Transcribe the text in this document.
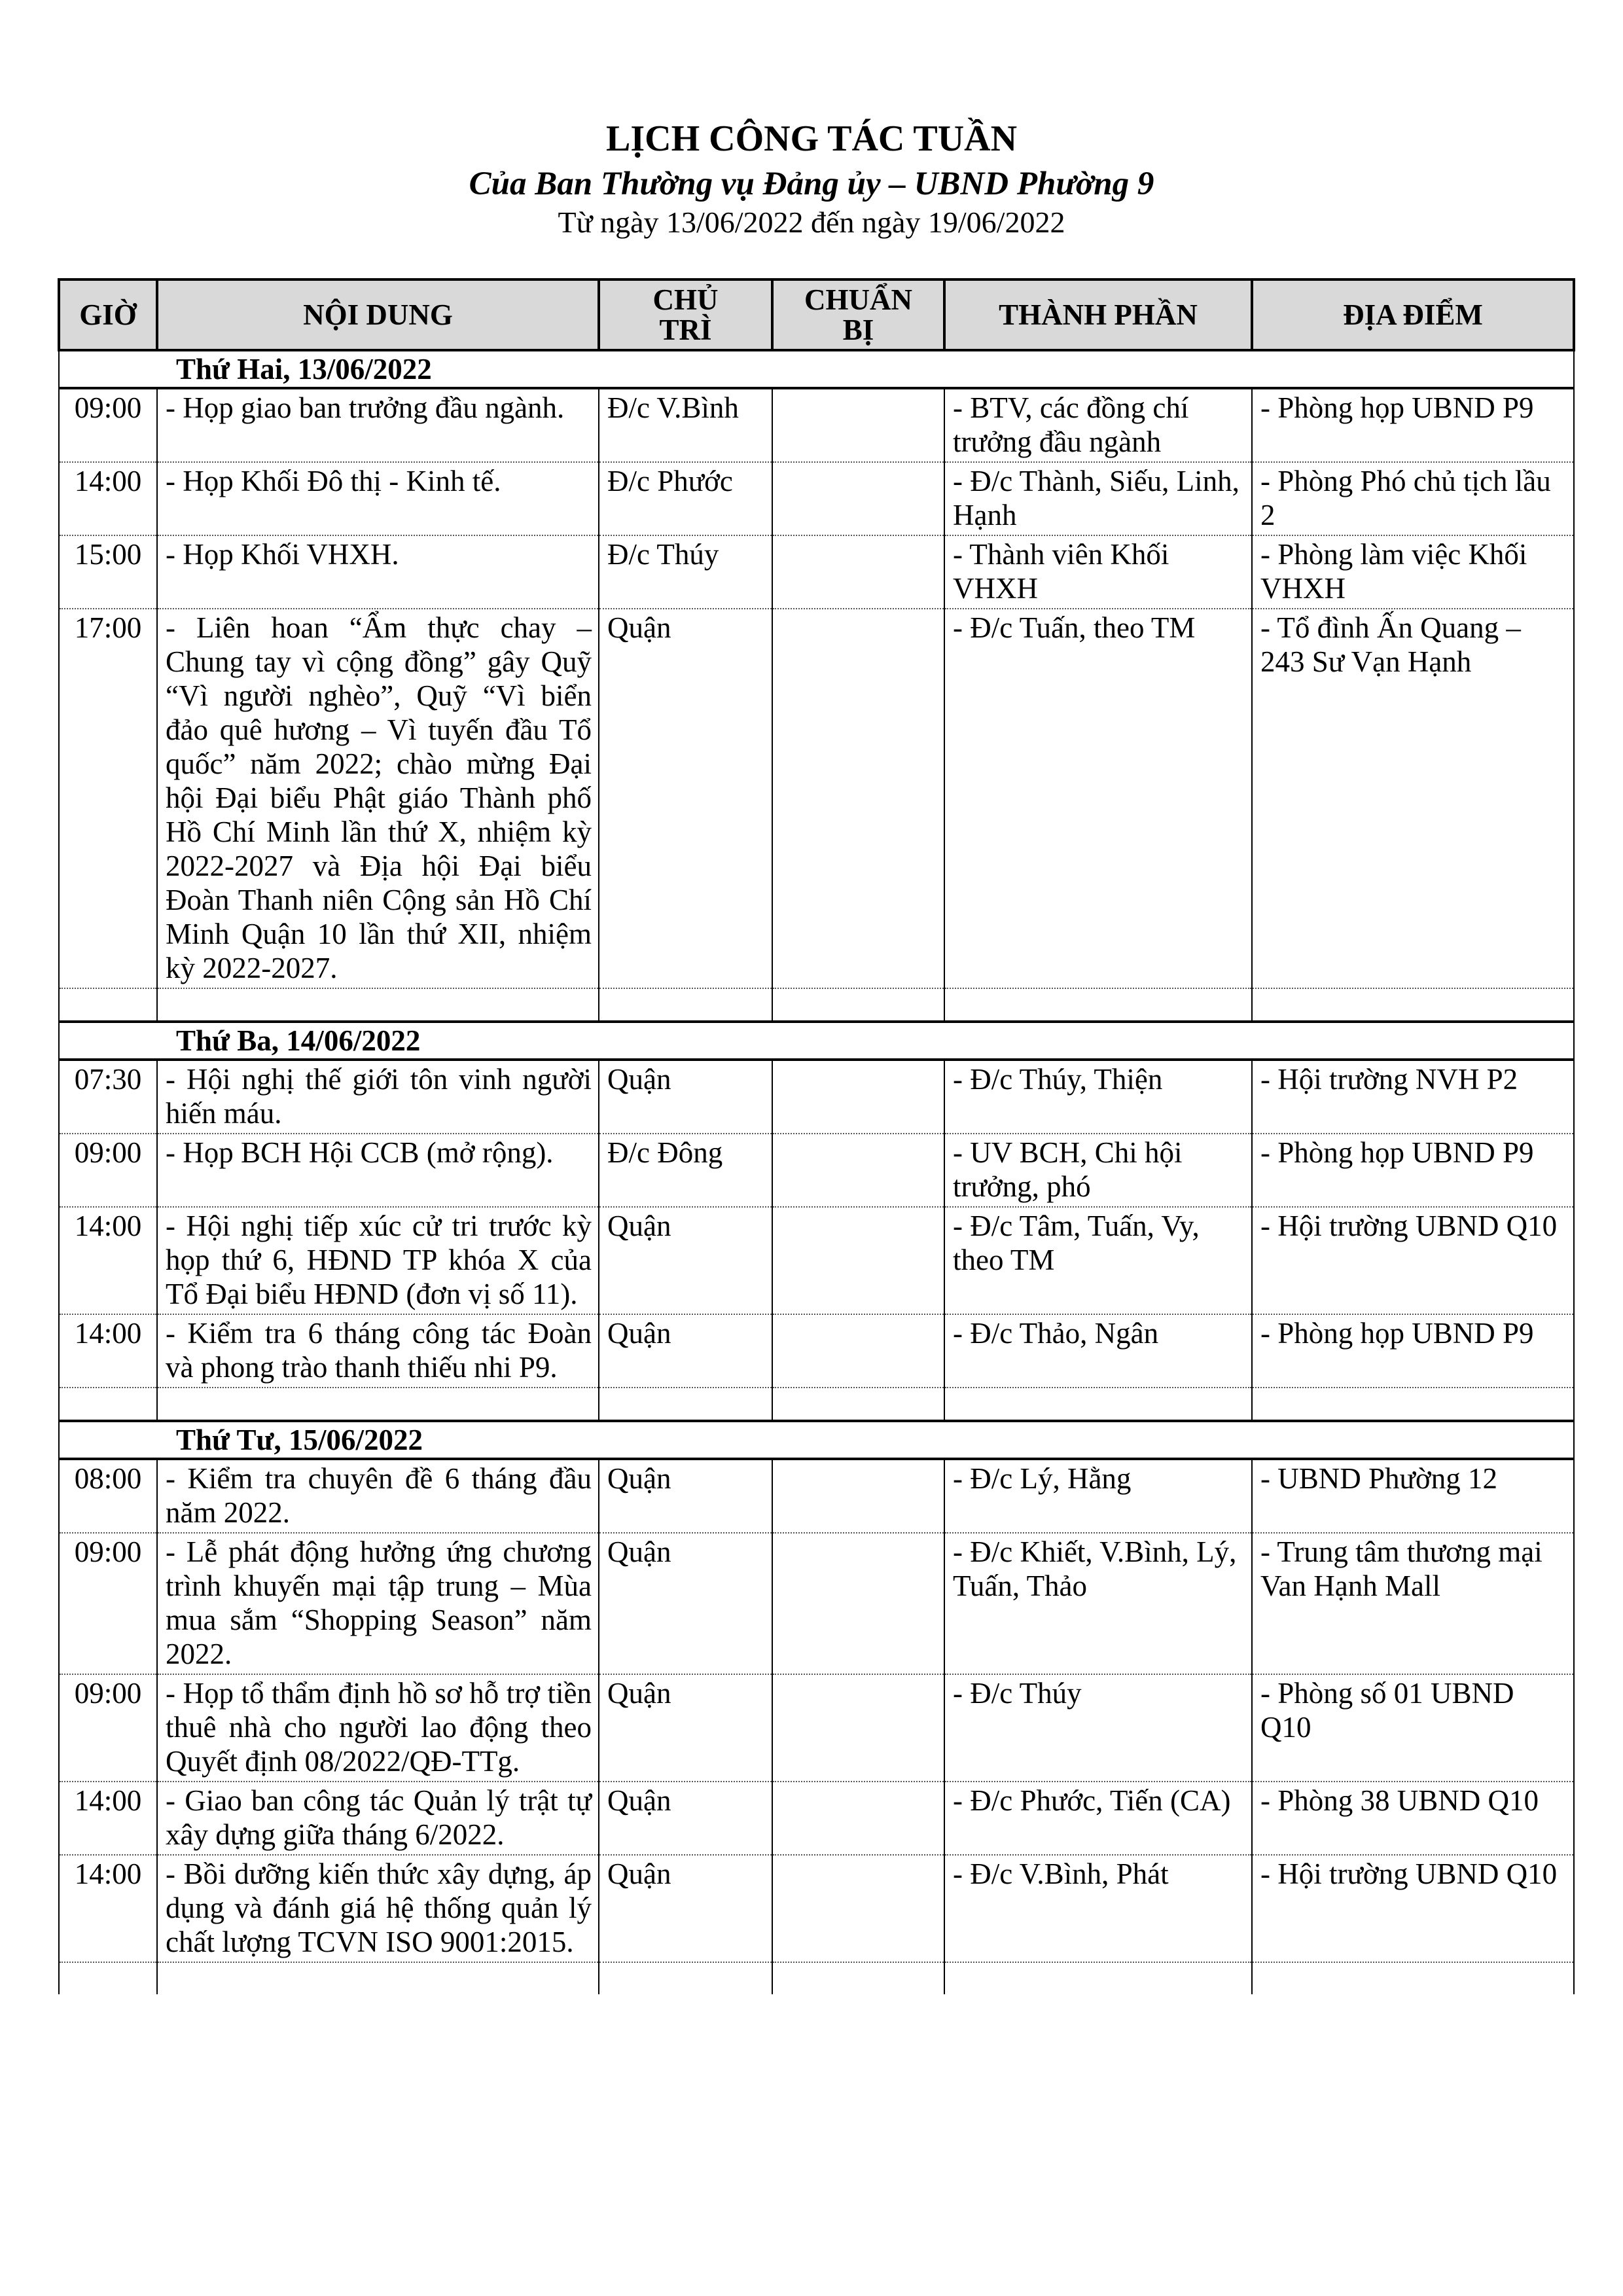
LỊCH CÔNG TÁC TUẦN
Của Ban Thường vụ Đảng ủy – UBND Phường 9

Từ ngày 13/06/2022 đến ngày 19/06/2022

GIỜ	NỘI DUNG	CHỦ TRÌ	CHUẨN BỊ	THÀNH PHẦN	ĐỊA ĐIỂM
Thứ Hai, 13/06/2022					
09:00	- Họp giao ban trưởng đầu ngành.	Đ/c V.Bình		- BTV, các đồng chí trưởng đầu ngành	- Phòng họp UBND P9
14:00	- Họp Khối Đô thị - Kinh tế.	Đ/c Phước		- Đ/c Thành, Siếu, Linh, Hạnh	- Phòng Phó chủ tịch lầu 2
15:00	- Họp Khối VHXH.	Đ/c Thúy		- Thành viên Khối VHXH	- Phòng làm việc Khối VHXH
17:00	- Liên hoan “Ẩm thực chay – Chung tay vì cộng đồng” gây Quỹ “Vì người nghèo”, Quỹ “Vì biển đảo quê hương – Vì tuyến đầu Tổ quốc” năm 2022; chào mừng Đại hội Đại biểu Phật giáo Thành phố Hồ Chí Minh lần thứ X, nhiệm kỳ 2022-2027 và Địa hội Đại biểu Đoàn Thanh niên Cộng sản Hồ Chí Minh Quận 10 lần thứ XII, nhiệm kỳ 2022-2027.	Quận		- Đ/c Tuấn, theo TM	- Tổ đình Ấn Quang – 243 Sư Vạn Hạnh

Thứ Ba, 14/06/2022					
07:30	- Hội nghị thế giới tôn vinh người hiến máu.	Quận		- Đ/c Thúy, Thiện	- Hội trường NVH P2
09:00	- Họp BCH Hội CCB (mở rộng).	Đ/c Đông		- UV BCH, Chi hội trưởng, phó	- Phòng họp UBND P9
14:00	- Hội nghị tiếp xúc cử tri trước kỳ họp thứ 6, HĐND TP khóa X của Tổ Đại biểu HĐND (đơn vị số 11).	Quận		- Đ/c Tâm, Tuấn, Vy, theo TM	- Hội trường UBND Q10
14:00	- Kiểm tra 6 tháng công tác Đoàn và phong trào thanh thiếu nhi P9.	Quận		- Đ/c Thảo, Ngân	- Phòng họp UBND P9

Thứ Tư, 15/06/2022					
08:00	- Kiểm tra chuyên đề 6 tháng đầu năm 2022.	Quận		- Đ/c Lý, Hằng	- UBND Phường 12
09:00	- Lễ phát động hưởng ứng chương trình khuyến mại tập trung – Mùa mua sắm “Shopping Season” năm 2022.	Quận		- Đ/c Khiết, V.Bình, Lý, Tuấn, Thảo	- Trung tâm thương mại Van Hạnh Mall
09:00	- Họp tổ thẩm định hồ sơ hỗ trợ tiền thuê nhà cho người lao động theo Quyết định 08/2022/QĐ-TTg.	Quận		- Đ/c Thúy	- Phòng số 01 UBND Q10
14:00	- Giao ban công tác Quản lý trật tự xây dựng giữa tháng 6/2022.	Quận		- Đ/c Phước, Tiến (CA)	- Phòng 38 UBND Q10
14:00	- Bồi dưỡng kiến thức xây dựng, áp dụng và đánh giá hệ thống quản lý chất lượng TCVN ISO 9001:2015.	Quận		- Đ/c V.Bình, Phát	- Hội trường UBND Q10
